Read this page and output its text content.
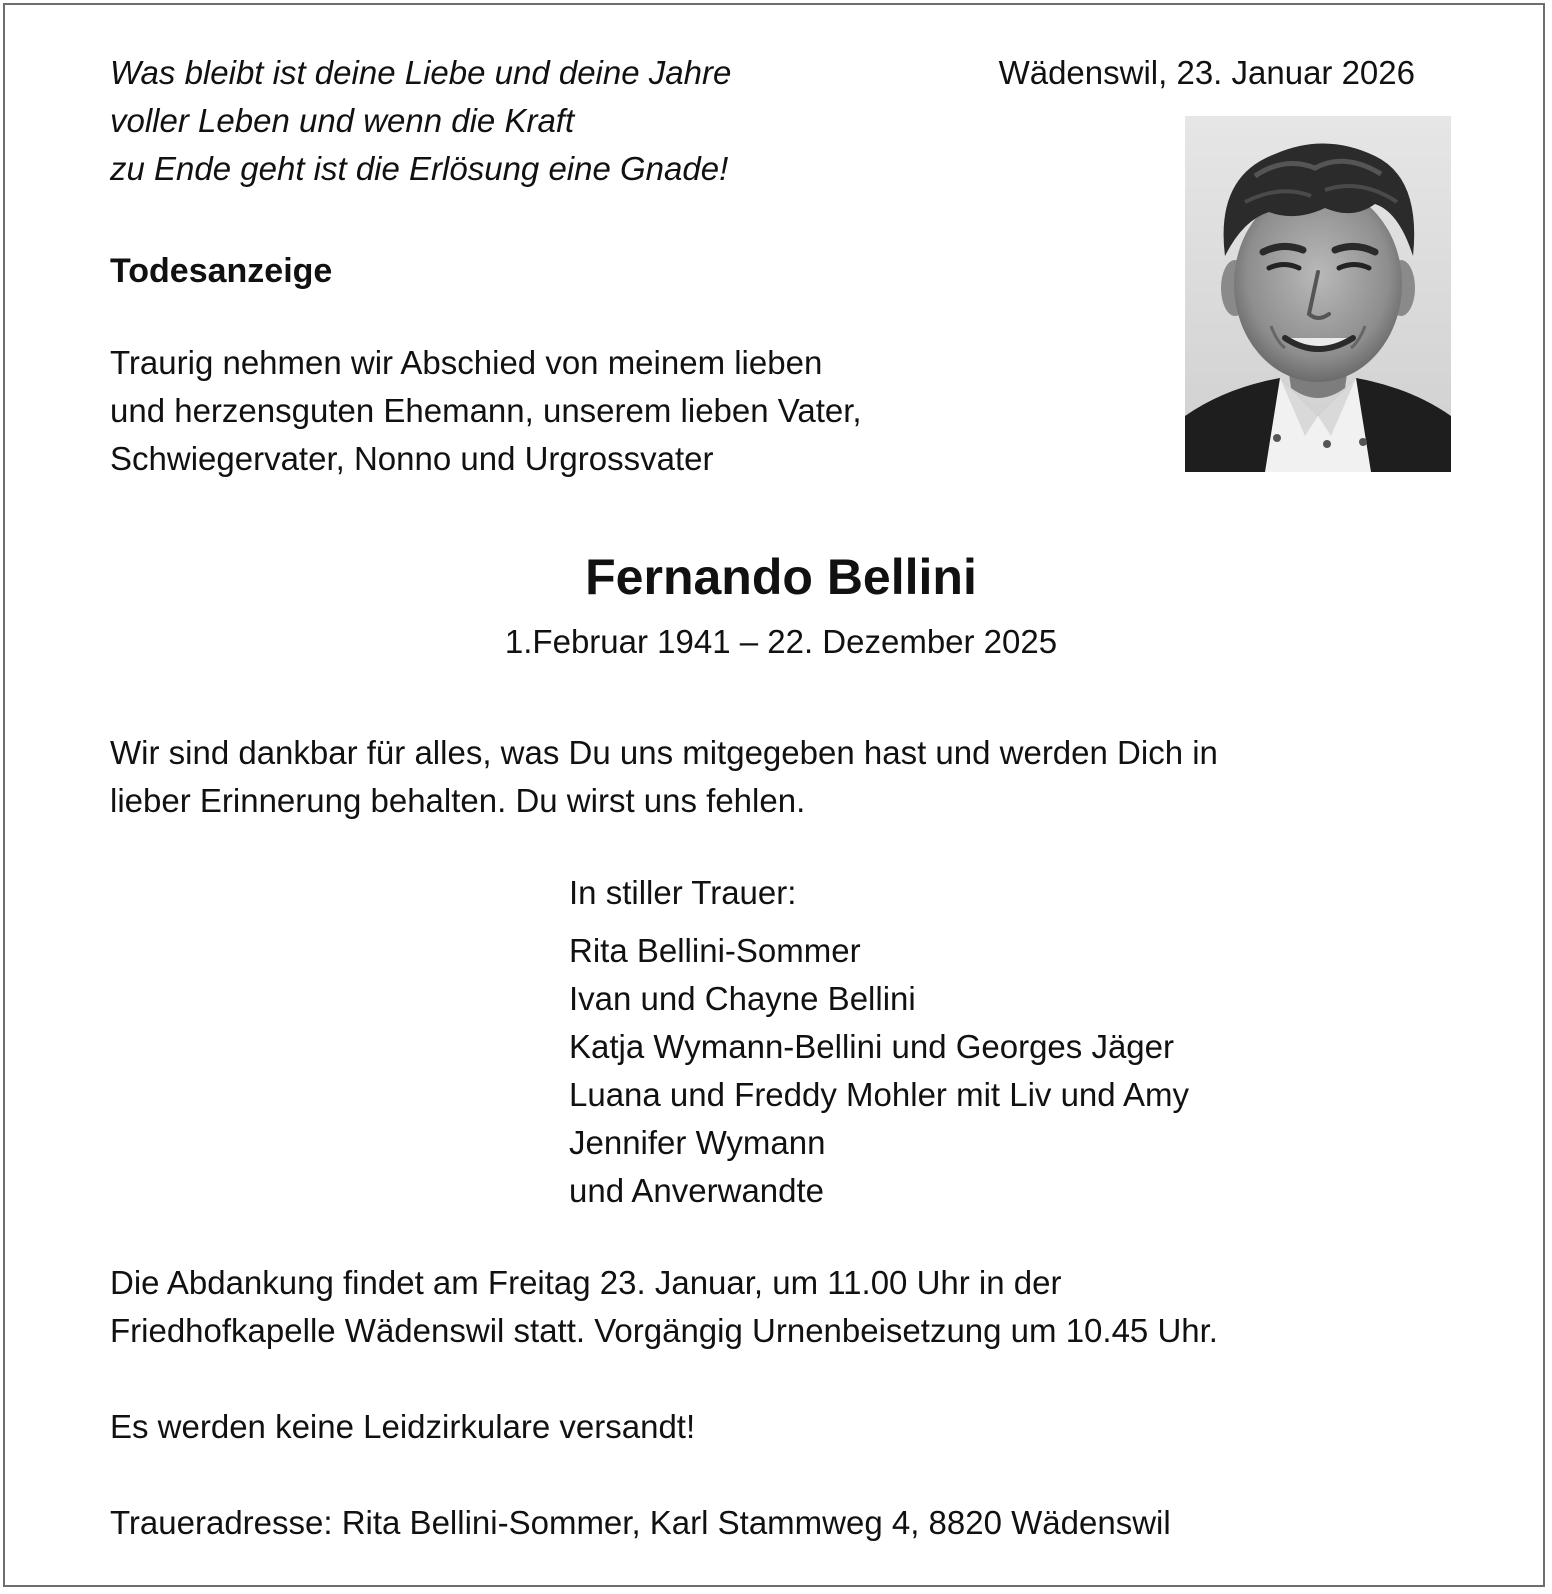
Was bleibt ist deine Liebe und deine Jahre
voller Leben und wenn die Kraft
zu Ende geht ist die Erlösung eine Gnade!
Wädenswil, 23. Januar 2026
Todesanzeige
Traurig nehmen wir Abschied von meinem lieben
und herzensguten Ehemann, unserem lieben Vater,
Schwiegervater, Nonno und Urgrossvater
Fernando Bellini
1.Februar 1941 – 22. Dezember 2025
Wir sind dankbar für alles, was Du uns mitgegeben hast und werden Dich in
lieber Erinnerung behalten. Du wirst uns fehlen.
In stiller Trauer:
Rita Bellini-Sommer
Ivan und Chayne Bellini
Katja Wymann-Bellini und Georges Jäger
Luana und Freddy Mohler mit Liv und Amy
Jennifer Wymann
und Anverwandte
Die Abdankung findet am Freitag 23. Januar, um 11.00 Uhr in der
Friedhofkapelle Wädenswil statt. Vorgängig Urnenbeisetzung um 10.45 Uhr.
Es werden keine Leidzirkulare versandt!
Traueradresse: Rita Bellini-Sommer, Karl Stammweg 4, 8820 Wädenswil
